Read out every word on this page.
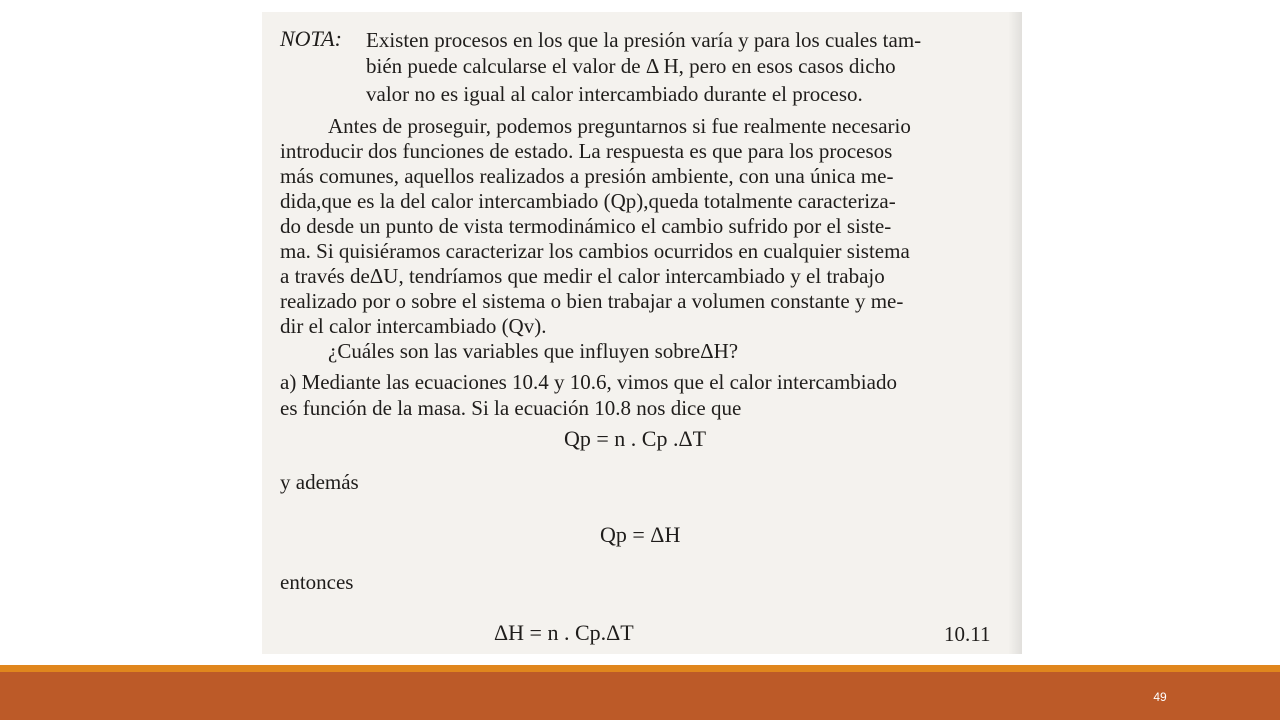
NOTA: Existen procesos en los que la presión varía y para los cuales tam-
bién puede calcularse el valor de Δ H, pero en esos casos dicho
valor no es igual al calor intercambiado durante el proceso.
Antes de proseguir, podemos preguntarnos si fue realmente necesario
introducir dos funciones de estado. La respuesta es que para los procesos
más comunes, aquellos realizados a presión ambiente, con una única me-
dida,que es la del calor intercambiado (Qp),queda totalmente caracteriza-
do desde un punto de vista termodinámico el cambio sufrido por el siste-
ma. Si quisiéramos caracterizar los cambios ocurridos en cualquier sistema
a través deΔU, tendríamos que medir el calor intercambiado y el trabajo
realizado por o sobre el sistema o bien trabajar a volumen constante y me-
dir el calor intercambiado (Qv).
¿Cuáles son las variables que influyen sobreΔH?
a) Mediante las ecuaciones 10.4 y 10.6, vimos que el calor intercambiado
es función de la masa. Si la ecuación 10.8 nos dice que
Qp = n . Cp .ΔT
y además
Qp = ΔH
entonces
ΔH = n . Cp.ΔT	10.11
49
